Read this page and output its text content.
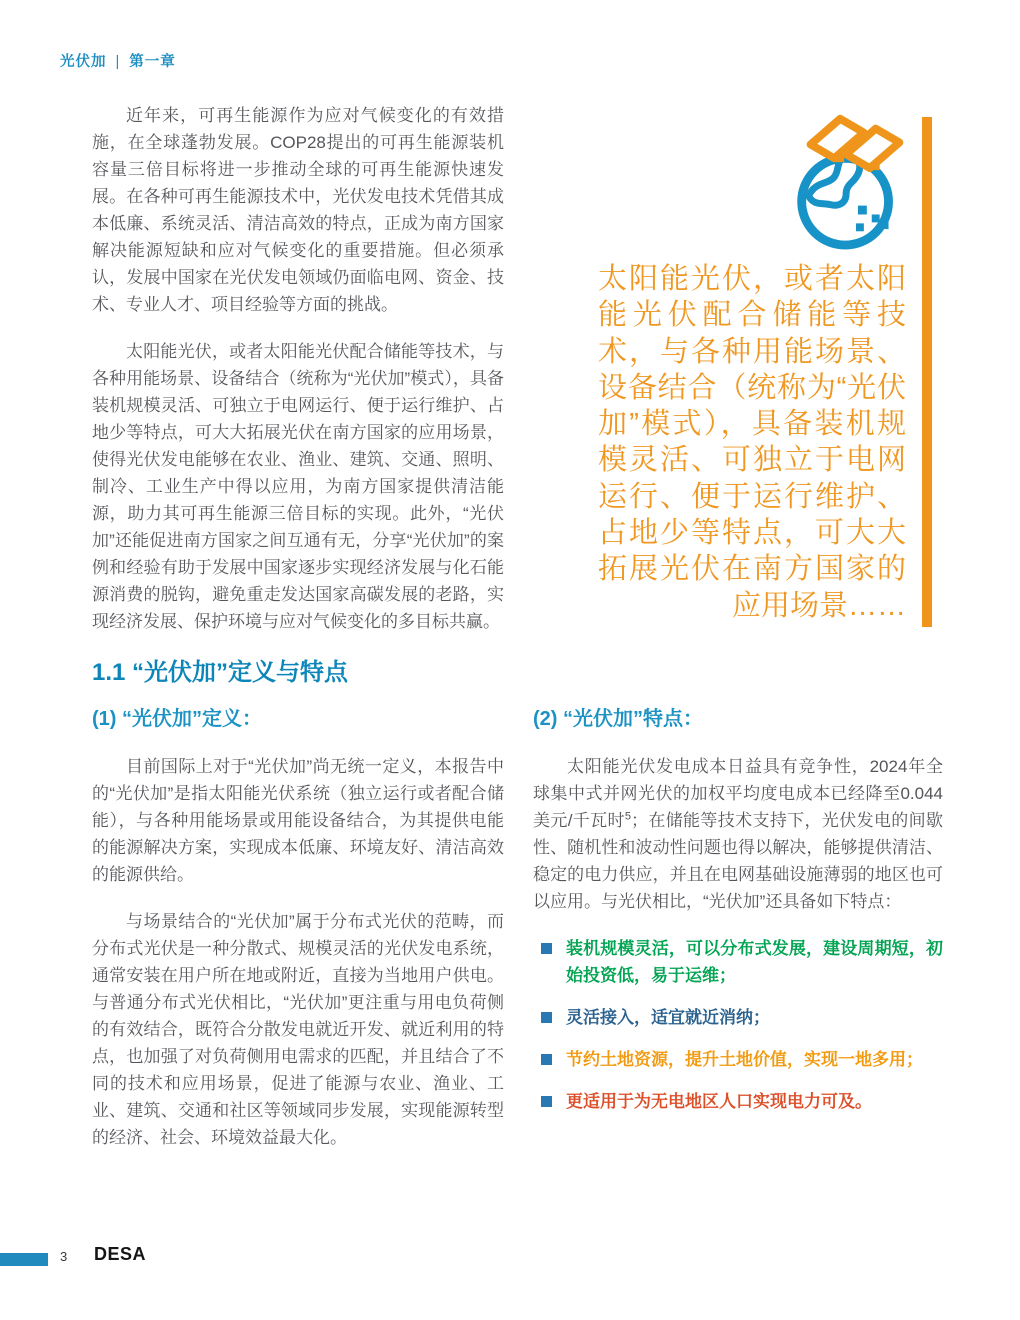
光伏加 | 第一章

近年来，可再生能源作为应对气候变化的有效措施，在全球蓬勃发展。COP28提出的可再生能源装机容量三倍目标将进一步推动全球的可再生能源快速发展。在各种可再生能源技术中，光伏发电技术凭借其成本低廉、系统灵活、清洁高效的特点，正成为南方国家解决能源短缺和应对气候变化的重要措施。但必须承认，发展中国家在光伏发电领域仍面临电网、资金、技术、专业人才、项目经验等方面的挑战。

太阳能光伏，或者太阳能光伏配合储能等技术，与各种用能场景、设备结合（统称为“光伏加”模式），具备装机规模灵活、可独立于电网运行、便于运行维护、占地少等特点，可大大拓展光伏在南方国家的应用场景，使得光伏发电能够在农业、渔业、建筑、交通、照明、制冷、工业生产中得以应用，为南方国家提供清洁能源，助力其可再生能源三倍目标的实现。此外，“光伏加”还能促进南方国家之间互通有无，分享“光伏加”的案例和经验有助于发展中国家逐步实现经济发展与化石能源消费的脱钩，避免重走发达国家高碳发展的老路，实现经济发展、保护环境与应对气候变化的多目标共赢。

太阳能光伏，或者太阳能光伏配合储能等技术，与各种用能场景、设备结合（统称为“光伏加”模式），具备装机规模灵活、可独立于电网运行、便于运行维护、占地少等特点，可大大拓展光伏在南方国家的应用场景……
1.1 “光伏加”定义与特点
(1) “光伏加”定义：

目前国际上对于“光伏加”尚无统一定义，本报告中的“光伏加”是指太阳能光伏系统（独立运行或者配合储能），与各种用能场景或用能设备结合，为其提供电能的能源解决方案，实现成本低廉、环境友好、清洁高效的能源供给。

与场景结合的“光伏加”属于分布式光伏的范畴，而分布式光伏是一种分散式、规模灵活的光伏发电系统，通常安装在用户所在地或附近，直接为当地用户供电。与普通分布式光伏相比，“光伏加”更注重与用电负荷侧的有效结合，既符合分散发电就近开发、就近利用的特点，也加强了对负荷侧用电需求的匹配，并且结合了不同的技术和应用场景，促进了能源与农业、渔业、工业、建筑、交通和社区等领域同步发展，实现能源转型的经济、社会、环境效益最大化。

(2) “光伏加”特点：

太阳能光伏发电成本日益具有竞争性，2024年全球集中式并网光伏的加权平均度电成本已经降至0.044美元/千瓦时$^5$；在储能等技术支持下，光伏发电的间歇性、随机性和波动性问题也得以解决，能够提供清洁、稳定的电力供应，并且在电网基础设施薄弱的地区也可以应用。与光伏相比，“光伏加”还具备如下特点：

装机规模灵活，可以分布式发展，建设周期短，初始投资低，易于运维；
灵活接入，适宜就近消纳；
节约土地资源，提升土地价值，实现一地多用；
更适用于为无电地区人口实现电力可及。
3 DESA
